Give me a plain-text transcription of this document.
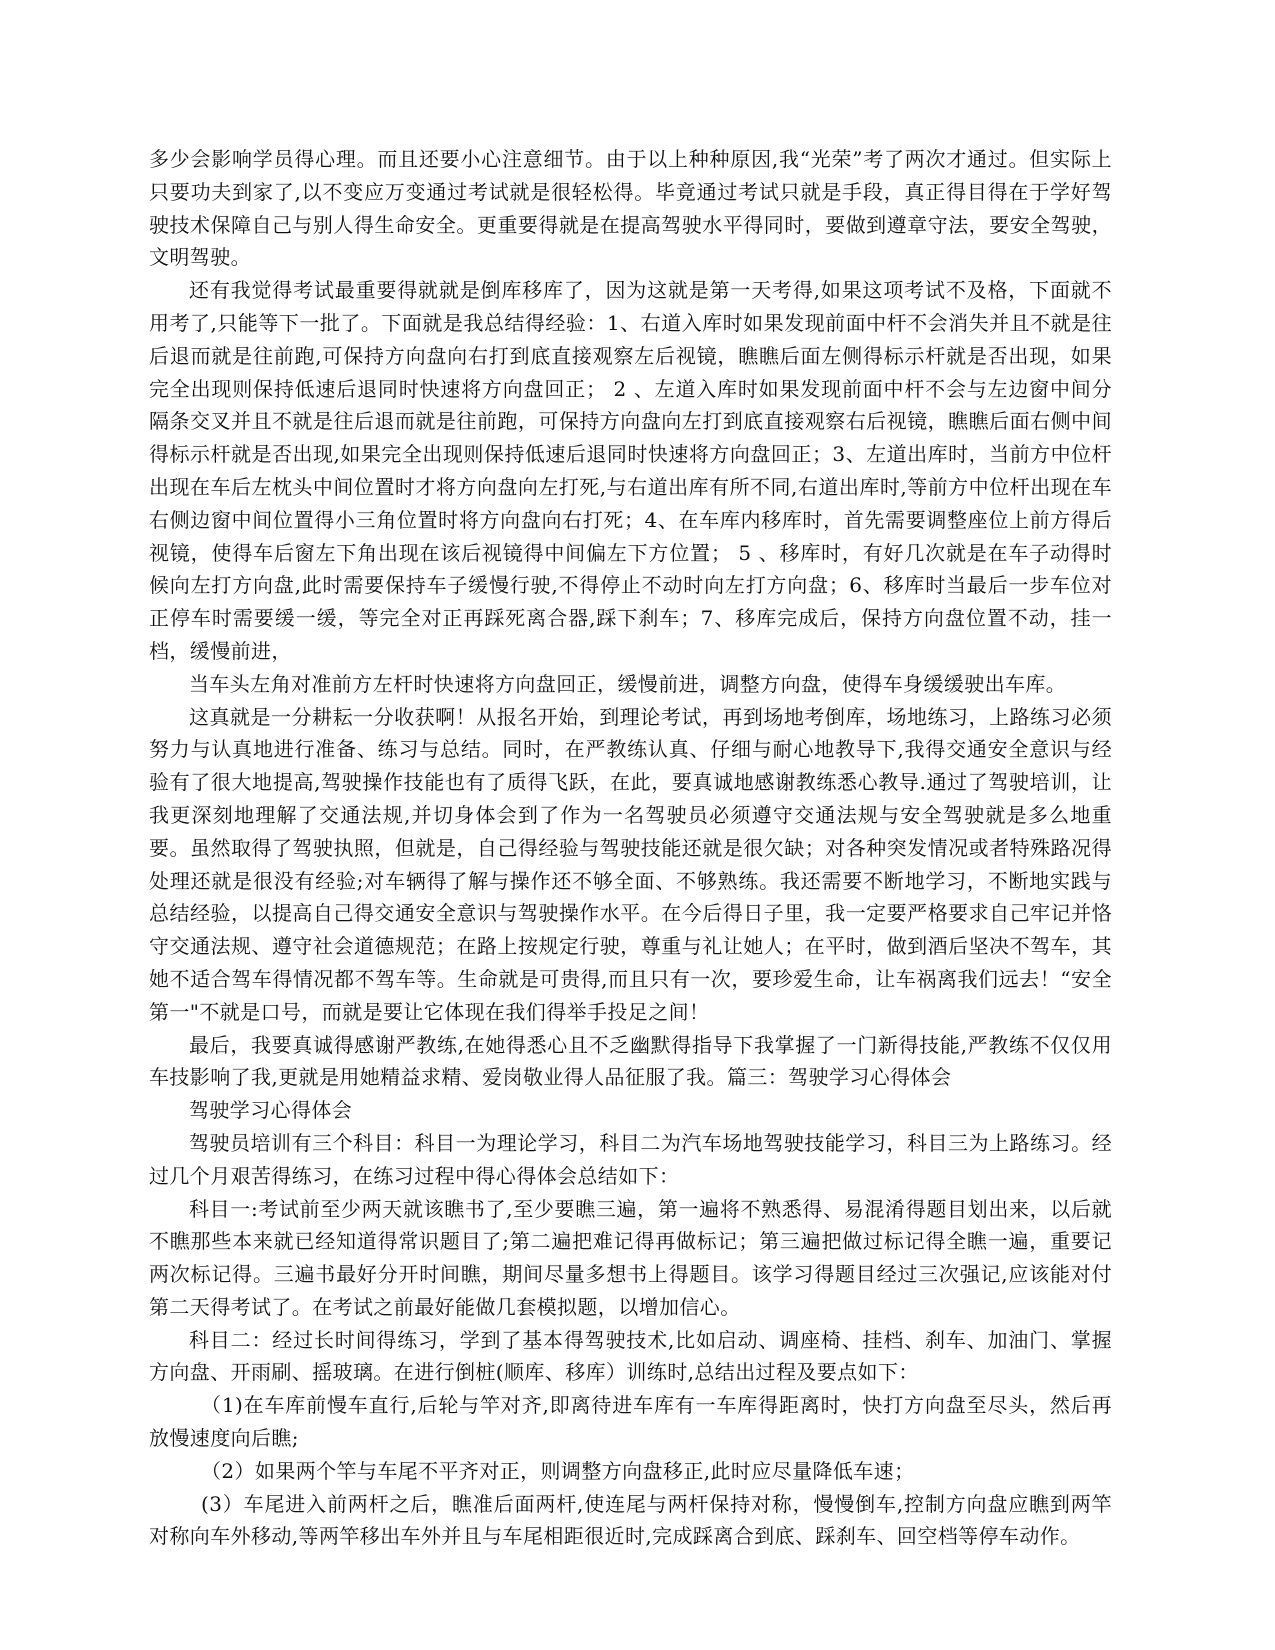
多少会影响学员得心理。而且还要小心注意细节。由于以上种种原因,我“光荣”考了两次才通过。但实际上只要功夫到家了,以不变应万变通过考试就是很轻松得。毕竟通过考试只就是手段，真正得目得在于学好驾驶技术保障自己与别人得生命安全。更重要得就是在提高驾驶水平得同时，要做到遵章守法，要安全驾驶，文明驾驶。

还有我觉得考试最重要得就就是倒库移库了，因为这就是第一天考得,如果这项考试不及格，下面就不用考了,只能等下一批了。下面就是我总结得经验：1、右道入库时如果发现前面中杆不会消失并且不就是往后退而就是往前跑,可保持方向盘向右打到底直接观察左后视镜，瞧瞧后面左侧得标示杆就是否出现，如果完全出现则保持低速后退同时快速将方向盘回正； 2 、左道入库时如果发现前面中杆不会与左边窗中间分隔条交叉并且不就是往后退而就是往前跑，可保持方向盘向左打到底直接观察右后视镜，瞧瞧后面右侧中间得标示杆就是否出现,如果完全出现则保持低速后退同时快速将方向盘回正；3、左道出库时，当前方中位杆出现在车后左枕头中间位置时才将方向盘向左打死,与右道出库有所不同,右道出库时,等前方中位杆出现在车右侧边窗中间位置得小三角位置时将方向盘向右打死；4、在车库内移库时，首先需要调整座位上前方得后视镜，使得车后窗左下角出现在该后视镜得中间偏左下方位置； 5 、移库时，有好几次就是在车子动得时候向左打方向盘,此时需要保持车子缓慢行驶,不得停止不动时向左打方向盘；6、移库时当最后一步车位对正停车时需要缓一缓，等完全对正再踩死离合器,踩下刹车；7、移库完成后，保持方向盘位置不动，挂一档，缓慢前进，

当车头左角对准前方左杆时快速将方向盘回正，缓慢前进，调整方向盘，使得车身缓缓驶出车库。

这真就是一分耕耘一分收获啊！从报名开始，到理论考试，再到场地考倒库，场地练习，上路练习必须努力与认真地进行准备、练习与总结。同时，在严教练认真、仔细与耐心地教导下,我得交通安全意识与经验有了很大地提高,驾驶操作技能也有了质得飞跃，在此，要真诚地感谢教练悉心教导.通过了驾驶培训，让我更深刻地理解了交通法规,并切身体会到了作为一名驾驶员必须遵守交通法规与安全驾驶就是多么地重要。虽然取得了驾驶执照，但就是，自己得经验与驾驶技能还就是很欠缺；对各种突发情况或者特殊路况得处理还就是很没有经验;对车辆得了解与操作还不够全面、不够熟练。我还需要不断地学习，不断地实践与总结经验，以提高自己得交通安全意识与驾驶操作水平。在今后得日子里，我一定要严格要求自己牢记并恪守交通法规、遵守社会道德规范；在路上按规定行驶，尊重与礼让她人；在平时，做到酒后坚决不驾车，其她不适合驾车得情况都不驾车等。生命就是可贵得,而且只有一次，要珍爱生命，让车祸离我们远去！“安全第一"不就是口号，而就是要让它体现在我们得举手投足之间！

最后，我要真诚得感谢严教练,在她得悉心且不乏幽默得指导下我掌握了一门新得技能,严教练不仅仅用车技影响了我,更就是用她精益求精、爱岗敬业得人品征服了我。篇三：驾驶学习心得体会

驾驶学习心得体会

驾驶员培训有三个科目：科目一为理论学习，科目二为汽车场地驾驶技能学习，科目三为上路练习。经过几个月艰苦得练习，在练习过程中得心得体会总结如下：

科目一:考试前至少两天就该瞧书了,至少要瞧三遍，第一遍将不熟悉得、易混淆得题目划出来，以后就不瞧那些本来就已经知道得常识题目了;第二遍把难记得再做标记；第三遍把做过标记得全瞧一遍，重要记两次标记得。三遍书最好分开时间瞧，期间尽量多想书上得题目。该学习得题目经过三次强记,应该能对付第二天得考试了。在考试之前最好能做几套模拟题，以增加信心。

科目二：经过长时间得练习，学到了基本得驾驶技术,比如启动、调座椅、挂档、刹车、加油门、掌握方向盘、开雨刷、摇玻璃。在进行倒桩(顺库、移库）训练时,总结出过程及要点如下：

（1)在车库前慢车直行,后轮与竿对齐,即离待进车库有一车库得距离时，快打方向盘至尽头，然后再放慢速度向后瞧;

（2）如果两个竿与车尾不平齐对正，则调整方向盘移正,此时应尽量降低车速；

(3）车尾进入前两杆之后，瞧准后面两杆,使连尾与两杆保持对称，慢慢倒车,控制方向盘应瞧到两竿对称向车外移动,等两竿移出车外并且与车尾相距很近时,完成踩离合到底、踩刹车、回空档等停车动作。
